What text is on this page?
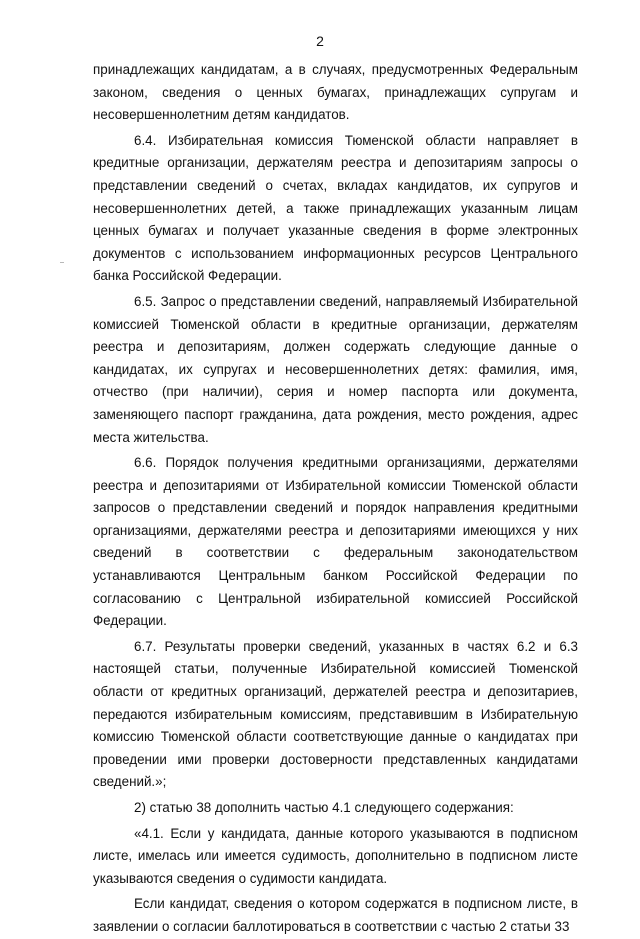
2

принадлежащих кандидатам, а в случаях, предусмотренных Федеральным законом, сведения о ценных бумагах, принадлежащих супругам и несовершеннолетним детям кандидатов.

6.4. Избирательная комиссия Тюменской области направляет в кредитные организации, держателям реестра и депозитариям запросы о представлении сведений о счетах, вкладах кандидатов, их супругов и несовершеннолетних детей, а также принадлежащих указанным лицам ценных бумагах и получает указанные сведения в форме электронных документов с использованием информационных ресурсов Центрального банка Российской Федерации.

6.5. Запрос о представлении сведений, направляемый Избирательной комиссией Тюменской области в кредитные организации, держателям реестра и депозитариям, должен содержать следующие данные о кандидатах, их супругах и несовершеннолетних детях: фамилия, имя, отчество (при наличии), серия и номер паспорта или документа, заменяющего паспорт гражданина, дата рождения, место рождения, адрес места жительства.

6.6. Порядок получения кредитными организациями, держателями реестра и депозитариями от Избирательной комиссии Тюменской области запросов о представлении сведений и порядок направления кредитными организациями, держателями реестра и депозитариями имеющихся у них сведений в соответствии с федеральным законодательством устанавливаются Центральным банком Российской Федерации по согласованию с Центральной избирательной комиссией Российской Федерации.

6.7. Результаты проверки сведений, указанных в частях 6.2 и 6.3 настоящей статьи, полученные Избирательной комиссией Тюменской области от кредитных организаций, держателей реестра и депозитариев, передаются избирательным комиссиям, представившим в Избирательную комиссию Тюменской области соответствующие данные о кандидатах при проведении ими проверки достоверности представленных кандидатами сведений.»;

2) статью 38 дополнить частью 4.1 следующего содержания:

«4.1. Если у кандидата, данные которого указываются в подписном листе, имелась или имеется судимость, дополнительно в подписном листе указываются сведения о судимости кандидата.

Если кандидат, сведения о котором содержатся в подписном листе, в заявлении о согласии баллотироваться в соответствии с частью 2 статьи 33
